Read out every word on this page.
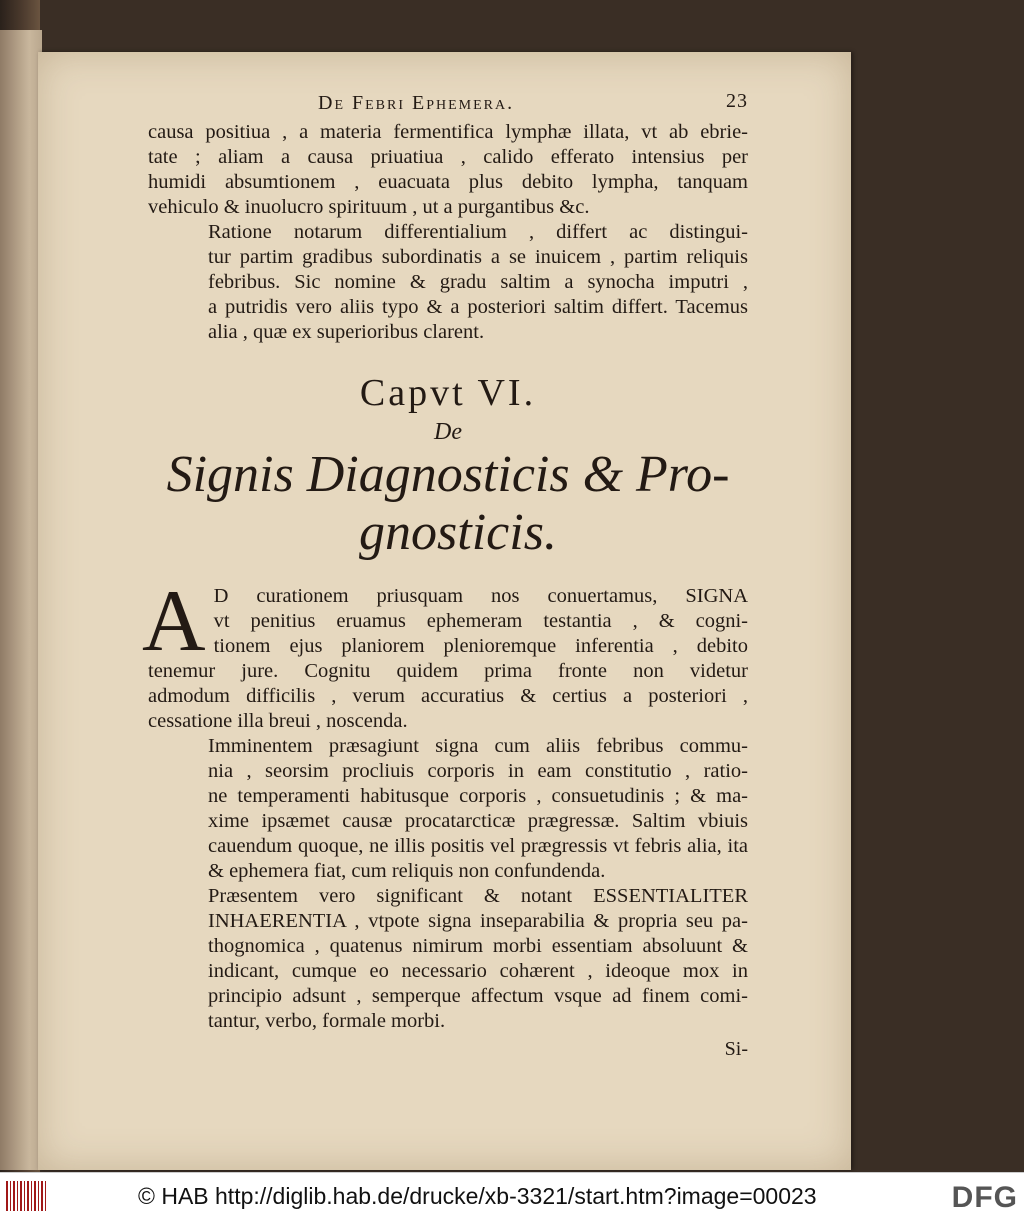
De Febri Ephemera.	23

causa positiua , a materia fermentifica lymphæ illata, vt ab ebrie-
tate ; aliam a causa priuatiua , calido efferato intensius per
humidi absumtionem , euacuata plus debito lympha, tanquam
vehiculo & inuolucro spirituum , ut a purgantibus &c.

Ratione notarum differentialium , differt ac distingui-
tur partim gradibus subordinatis a se inuicem , partim reliquis
febribus. Sic nomine & gradu saltim a synocha imputri ,
a putridis vero aliis typo & a posteriori saltim differt. Tacemus
alia , quæ ex superioribus clarent.

Capvt VI.
De
Signis Diagnosticis & Pro-
gnosticis.
A D curationem priusquam nos conuertamus, SIGNA
vt penitius eruamus ephemeram testantia , & cogni-
tionem ejus planiorem plenioremque inferentia , debito
tenemur jure. Cognitu quidem prima fronte non videtur
admodum difficilis , verum accuratius & certius a posteriori ,
cessatione illa breui , noscenda.

Imminentem præsagiunt signa cum aliis febribus commu-
nia , seorsim procliuis corporis in eam constitutio , ratio-
ne temperamenti habitusque corporis , consuetudinis ; & ma-
xime ipsæmet causæ procatarcticæ prægressæ. Saltim vbiuis
cauendum quoque, ne illis positis vel prægressis vt febris alia, ita
& ephemera fiat, cum reliquis non confundenda.

Præsentem vero significant & notant ESSENTIALITER
INHAERENTIA , vtpote signa inseparabilia & propria seu pa-
thognomica , quatenus nimirum morbi essentiam absoluunt &
indicant, cumque eo necessario cohærent , ideoque mox in
principio adsunt , semperque affectum vsque ad finem comi-
tantur, verbo, formale morbi.

Si-
© HAB http://diglib.hab.de/drucke/xb-3321/start.htm?image=00023	DFG
